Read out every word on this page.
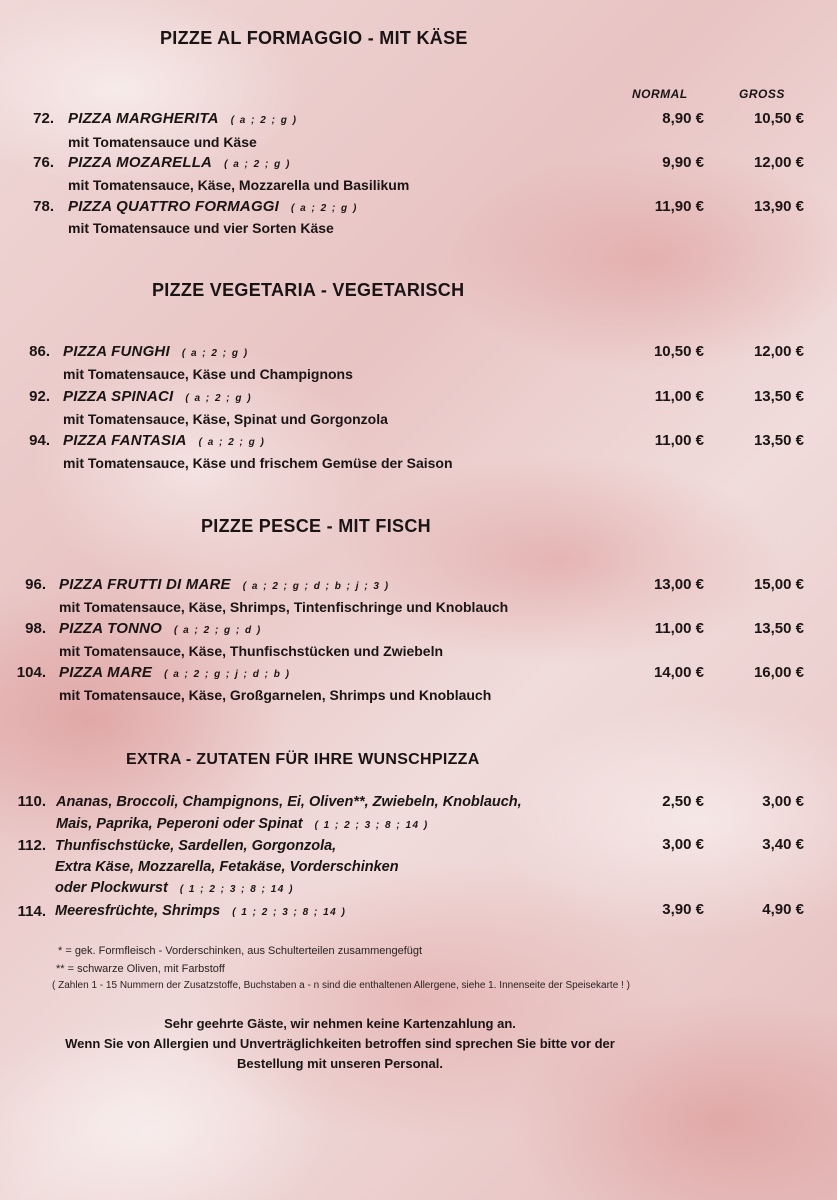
PIZZE AL FORMAGGIO - MIT KÄSE
NORMAL	GROSS
72. PIZZA MARGHERITA ( a ; 2 ; g )	8,90 €	10,50 €
mit Tomatensauce und Käse
76. PIZZA MOZARELLA ( a ; 2 ; g )	9,90 €	12,00 €
mit Tomatensauce, Käse, Mozzarella und Basilikum
78. PIZZA QUATTRO FORMAGGI ( a ; 2 ; g )	11,90 €	13,90 €
mit Tomatensauce und vier Sorten Käse
PIZZE VEGETARIA - VEGETARISCH
86. PIZZA FUNGHI ( a ; 2 ; g )	10,50 €	12,00 €
mit Tomatensauce, Käse und Champignons
92. PIZZA SPINACI ( a ; 2 ; g )	11,00 €	13,50 €
mit Tomatensauce, Käse, Spinat und Gorgonzola
94. PIZZA FANTASIA ( a ; 2 ; g )	11,00 €	13,50 €
mit Tomatensauce, Käse und frischem Gemüse der Saison
PIZZE PESCE - MIT FISCH
96. PIZZA FRUTTI DI MARE ( a ; 2 ; g ; d ; b ; j ; 3 )	13,00 €	15,00 €
mit Tomatensauce, Käse, Shrimps, Tintenfischringe und Knoblauch
98. PIZZA TONNO ( a ; 2 ; g ; d )	11,00 €	13,50 €
mit Tomatensauce, Käse, Thunfischstücken und Zwiebeln
104. PIZZA MARE ( a ; 2 ; g ; j ; d ; b )	14,00 €	16,00 €
mit Tomatensauce, Käse, Großgarnelen, Shrimps und Knoblauch
EXTRA - ZUTATEN FÜR IHRE WUNSCHPIZZA
110. Ananas, Broccoli, Champignons, Ei, Oliven**, Zwiebeln, Knoblauch,
Mais, Paprika, Peperoni oder Spinat ( 1 ; 2 ; 3 ; 8 ; 14 )
2,50 €	3,00 €
112. Thunfischstücke, Sardellen, Gorgonzola,
Extra Käse, Mozzarella, Fetakäse, Vorderschinken
oder Plockwurst ( 1 ; 2 ; 3 ; 8 ; 14 )
3,00 €	3,40 €
114. Meeresfrüchte, Shrimps ( 1 ; 2 ; 3 ; 8 ; 14 )	3,90 €	4,90 €
* = gek. Formfleisch - Vorderschinken, aus Schulterteilen zusammengefügt
** = schwarze Oliven, mit Farbstoff
( Zahlen 1 - 15 Nummern der Zusatzstoffe, Buchstaben a - n sind die enthaltenen Allergene, siehe 1. Innenseite der Speisekarte ! )
Sehr geehrte Gäste, wir nehmen keine Kartenzahlung an.
Wenn Sie von Allergien und Unverträglichkeiten betroffen sind sprechen Sie bitte vor der
Bestellung mit unseren Personal.
